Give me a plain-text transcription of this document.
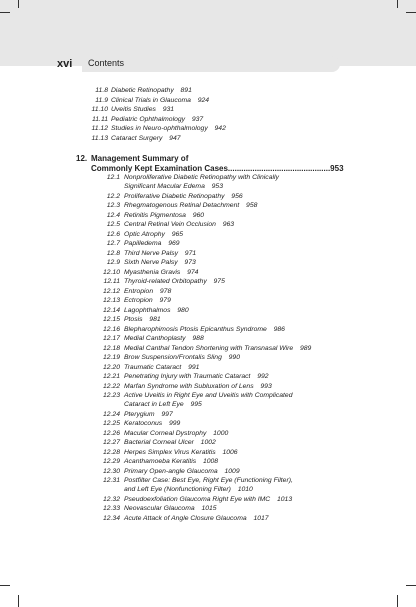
xvi Contents
11.8 Diabetic Retinopathy 891
11.9 Clinical Trials in Glaucoma 924
11.10 Uveitis Studies 931
11.11 Pediatric Ophthalmology 937
11.12 Studies in Neuro-ophthalmology 942
11.13 Cataract Surgery 947
12. Management Summary of
Commonly Kept Examination Cases..............................................953
12.1 Nonproliferative Diabetic Retinopathy with Clinically
Significant Macular Edema 953
12.2 Proliferative Diabetic Retinopathy 956
12.3 Rhegmatogenous Retinal Detachment 958
12.4 Retinitis Pigmentosa 960
12.5 Central Retinal Vein Occlusion 963
12.6 Optic Atrophy 965
12.7 Papilledema 969
12.8 Third Nerve Palsy 971
12.9 Sixth Nerve Palsy 973
12.10 Myasthenia Gravis 974
12.11 Thyroid-related Orbitopathy 975
12.12 Entropion 978
12.13 Ectropion 979
12.14 Lagophthalmos 980
12.15 Ptosis 981
12.16 Blepharophimosis Ptosis Epicanthus Syndrome 986
12.17 Medial Canthoplasty 988
12.18 Medial Canthal Tendon Shortening with Transnasal Wire 989
12.19 Brow Suspension/Frontalis Sling 990
12.20 Traumatic Cataract 991
12.21 Penetrating Injury with Traumatic Cataract 992
12.22 Marfan Syndrome with Subluxation of Lens 993
12.23 Active Uveitis in Right Eye and Uveitis with Complicated
Cataract in Left Eye 995
12.24 Pterygium 997
12.25 Keratoconus 999
12.26 Macular Corneal Dystrophy 1000
12.27 Bacterial Corneal Ulcer 1002
12.28 Herpes Simplex Virus Keratitis 1006
12.29 Acanthamoeba Keratitis 1008
12.30 Primary Open-angle Glaucoma 1009
12.31 Postfilter Case: Best Eye, Right Eye (Functioning Filter),
and Left Eye (Nonfunctioning Filter) 1010
12.32 Pseudoexfoliation Glaucoma Right Eye with IMC 1013
12.33 Neovascular Glaucoma 1015
12.34 Acute Attack of Angle Closure Glaucoma 1017
